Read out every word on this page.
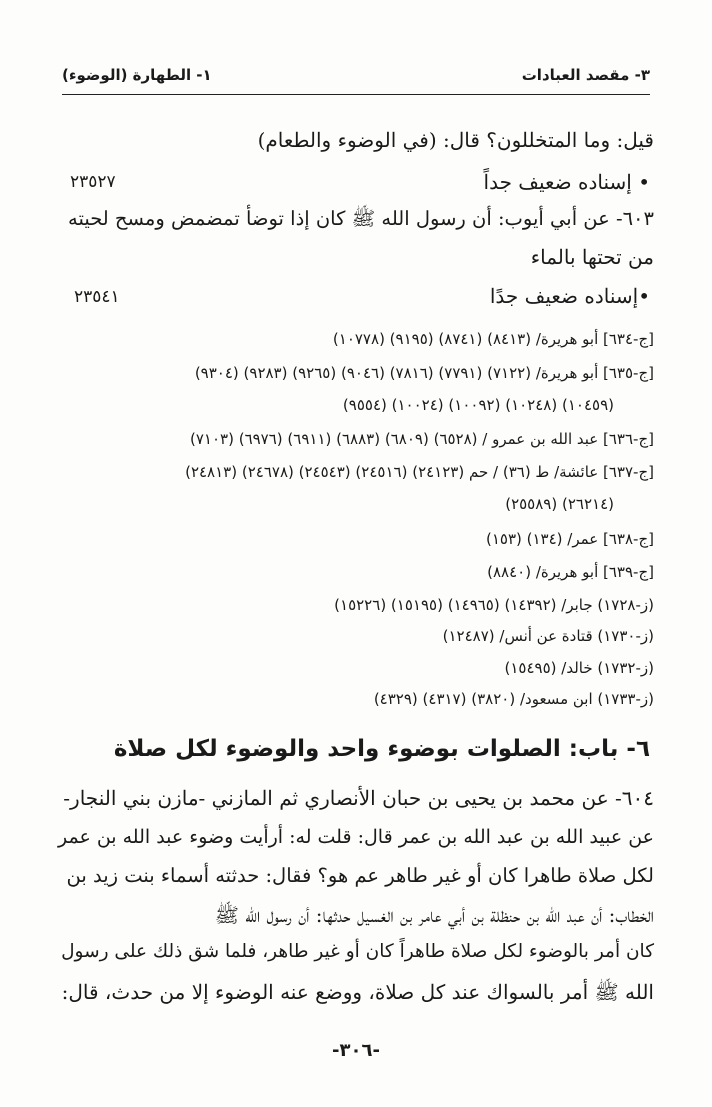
٣- مقصد العبادات
١- الطهارة (الوضوء)
قيل: وما المتخللون؟ قال: (في الوضوء والطعام)
• إسناده ضعيف جداً
٢٣٥٢٧
٦٠٣- عن أبي أيوب: أن رسول الله ﷺ كان إذا توضأ تمضمض ومسح لحيته
من تحتها بالماء
•إسناده ضعيف جدًا
٢٣٥٤١
[ج-٦٣٤] أبو هريرة/ (٨٤١٣) (٨٧٤١) (٩١٩٥) (١٠٧٧٨)
[ج-٦٣٥] أبو هريرة/ (٧١٢٢) (٧٧٩١) (٧٨١٦) (٩٠٤٦) (٩٢٦٥) (٩٢٨٣) (٩٣٠٤)
(٩٥٥٤) (١٠٠٢٤) (١٠٠٩٢) (١٠٢٤٨) (١٠٤٥٩)
[ج-٦٣٦] عبد الله بن عمرو / (٦٥٢٨) (٦٨٠٩) (٦٨٨٣) (٦٩١١) (٦٩٧٦) (٧١٠٣)
[ج-٦٣٧] عائشة/ ط (٣٦) / حم (٢٤١٢٣) (٢٤٥١٦) (٢٤٥٤٣) (٢٤٦٧٨) (٢٤٨١٣)
(٢٥٥٨٩) (٢٦٢١٤)
[ج-٦٣٨] عمر/ (١٣٤) (١٥٣)
[ج-٦٣٩] أبو هريرة/ (٨٨٤٠)
(ز-١٧٢٨) جابر/ (١٤٣٩٢) (١٤٩٦٥) (١٥١٩٥) (١٥٢٢٦)
(ز-١٧٣٠) قتادة عن أنس/ (١٢٤٨٧)
(ز-١٧٣٢) خالد/ (١٥٤٩٥)
(ز-١٧٣٣) ابن مسعود/ (٣٨٢٠) (٤٣١٧) (٤٣٢٩)
٦- باب: الصلوات بوضوء واحد والوضوء لكل صلاة
٦٠٤- عن محمد بن يحيى بن حبان الأنصاري ثم المازني -مازن بني النجار-
عن عبيد الله بن عبد الله بن عمر قال: قلت له: أرأيت وضوء عبد الله بن عمر
لكل صلاة طاهرا كان أو غير طاهر عم هو؟ فقال: حدثته أسماء بنت زيد بن
الخطاب: أن عبد الله بن حنظلة بن أبي عامر بن الغسيل حدثها: أن رسول الله ﷺ
كان أمر بالوضوء لكل صلاة طاهراً كان أو غير طاهر، فلما شق ذلك على رسول
الله ﷺ أمر بالسواك عند كل صلاة، ووضع عنه الوضوء إلا من حدث، قال:
-٣٠٦-
